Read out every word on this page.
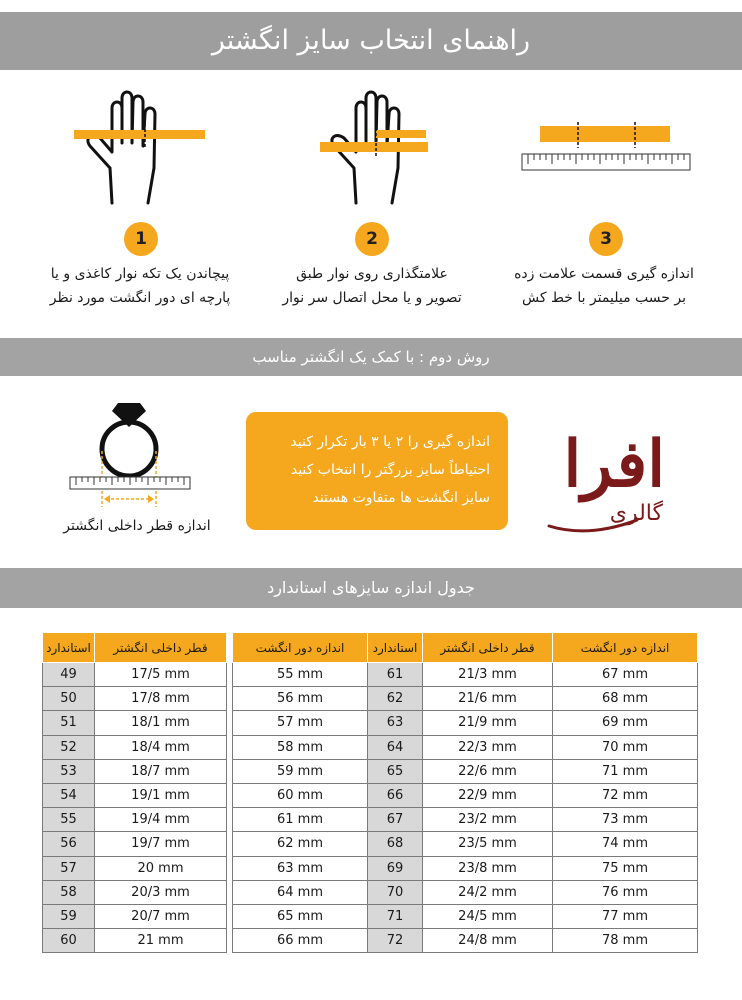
راهنمای انتخاب سایز انگشتر
1	2	3
پیچاندن یک تکه نوار کاغذی و یا
پارچه ای دور انگشت مورد نظر
علامتگذاری روی نوار طبق
تصویر و یا محل اتصال سر نوار
اندازه گیری قسمت علامت زده
بر حسب میلیمتر با خط کش
روش دوم : با کمک یک انگشتر مناسب
اندازه قطر داخلی انگشتر
اندازه گیری را ۲ یا ۳ بار تکرار کنید
احتیاطاً سایز بزرگتر را انتخاب کنید
سایز انگشت ها متفاوت هستند افرا
گالری
جدول اندازه سایزهای استاندارد
استاندارد	قطر داخلی انگشتر		اندازه دور انگشت	استاندارد	قطر داخلی انگشتر	اندازه دور انگشت
49	17/5 mm		55 mm	61	21/3 mm	67 mm
50	17/8 mm		56 mm	62	21/6 mm	68 mm
51	18/1 mm		57 mm	63	21/9 mm	69 mm
52	18/4 mm		58 mm	64	22/3 mm	70 mm
53	18/7 mm		59 mm	65	22/6 mm	71 mm
54	19/1 mm		60 mm	66	22/9 mm	72 mm
55	19/4 mm		61 mm	67	23/2 mm	73 mm
56	19/7 mm		62 mm	68	23/5 mm	74 mm
57	20 mm		63 mm	69	23/8 mm	75 mm
58	20/3 mm		64 mm	70	24/2 mm	76 mm
59	20/7 mm		65 mm	71	24/5 mm	77 mm
60	21 mm		66 mm	72	24/8 mm	78 mm
